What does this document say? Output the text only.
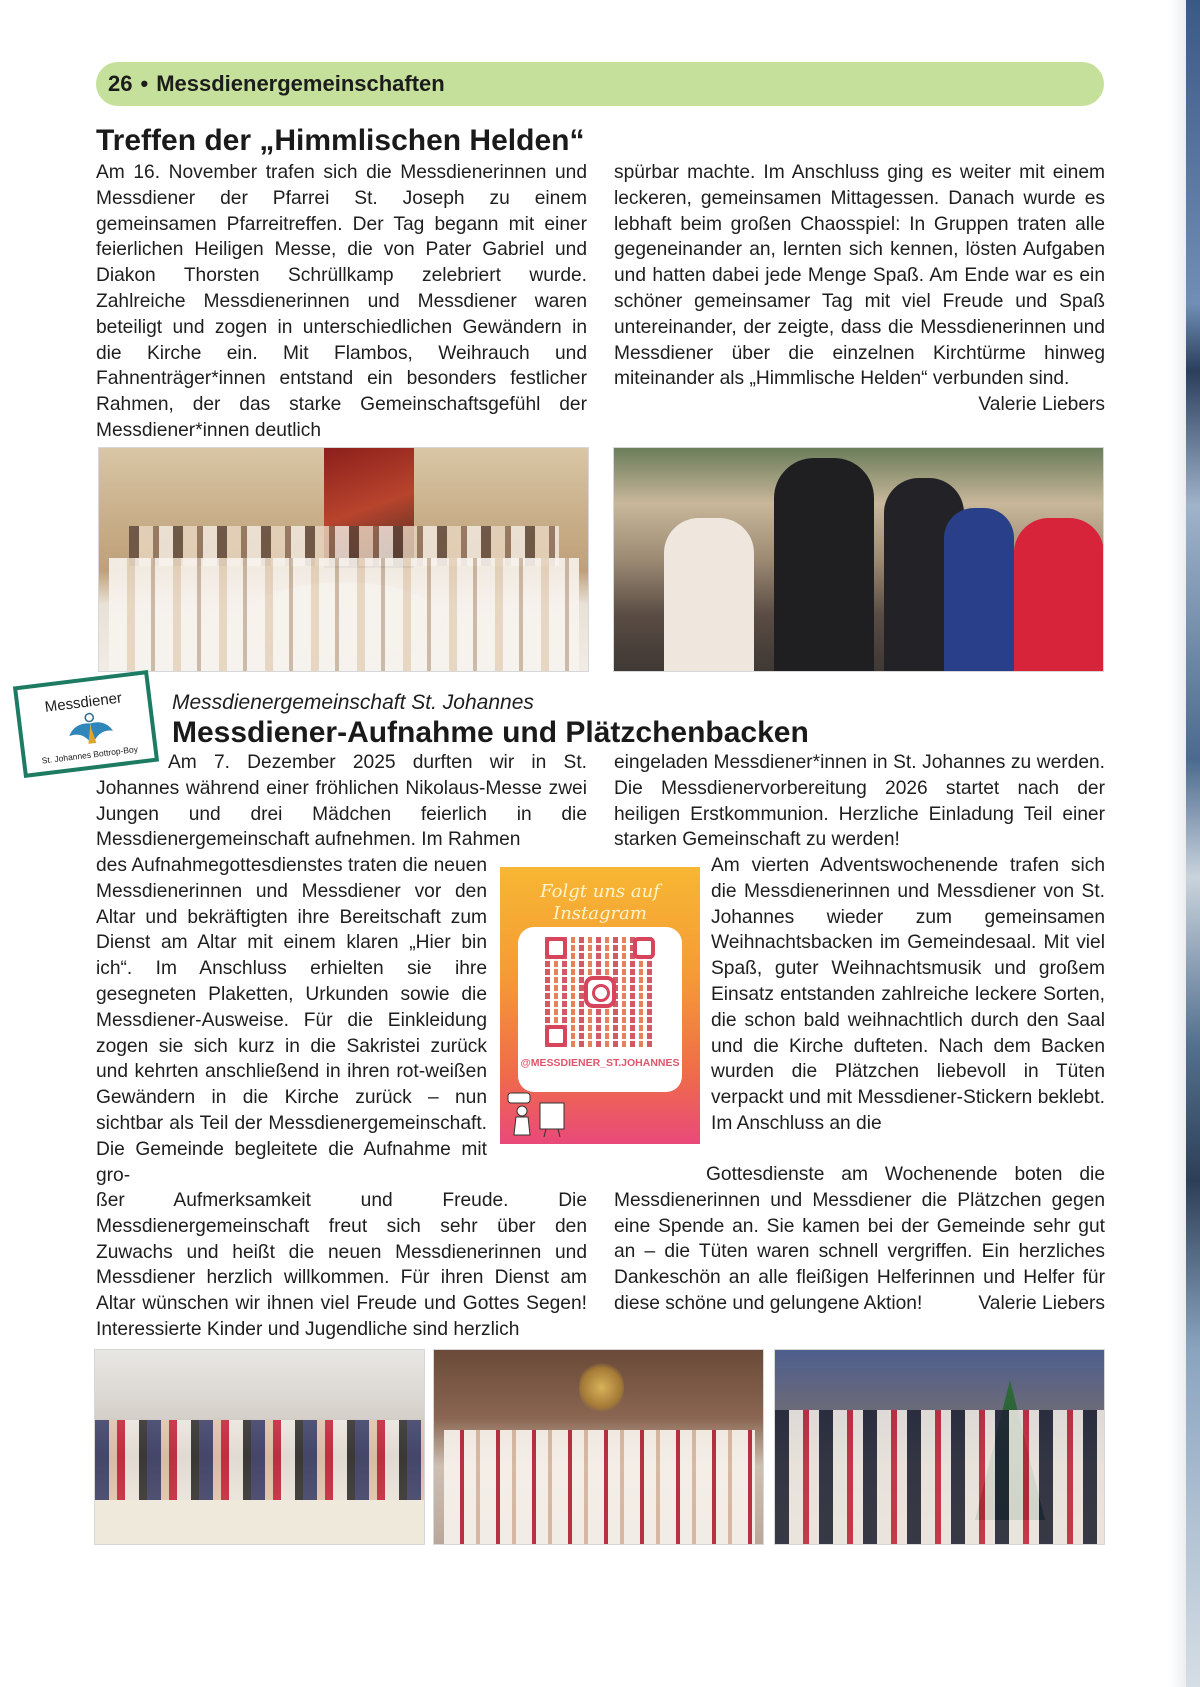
26 • Messdienergemeinschaften
Treffen der „Himmlischen Helden“

Am 16. November trafen sich die Messdienerinnen und Messdiener der Pfarrei St. Joseph zu einem gemeinsamen Pfarreitreffen. Der Tag begann mit einer feierlichen Heiligen Messe, die von Pater Gabriel und Diakon Thorsten Schrüllkamp zelebriert wurde. Zahlreiche Messdienerinnen und Messdiener waren beteiligt und zogen in unterschiedlichen Gewändern in die Kirche ein. Mit Flambos, Weihrauch und Fahnenträger*innen entstand ein besonders festlicher Rahmen, der das starke Gemeinschaftsgefühl der Messdiener*innen deutlich

spürbar machte. Im Anschluss ging es weiter mit einem leckeren, gemeinsamen Mittagessen. Danach wurde es lebhaft beim großen Chaosspiel: In Gruppen traten alle gegeneinander an, lernten sich kennen, lösten Aufgaben und hatten dabei jede Menge Spaß. Am Ende war es ein schöner gemeinsamer Tag mit viel Freude und Spaß untereinander, der zeigte, dass die Messdienerinnen und Messdiener über die einzelnen Kirchtürme hinweg miteinander als „Himmlische Helden“ verbunden sind.

Valerie Liebers

Messdiener
St. Johannes Bottrop-Boy

Messdienergemeinschaft St. Johannes

Messdiener-Aufnahme und Plätzchenbacken

Am 7. Dezember 2025 durften wir in St. Johannes während einer fröhlichen Nikolaus-Messe zwei Jungen und drei Mädchen feierlich in die Messdienergemeinschaft aufnehmen. Im Rahmen

des Aufnahmegottesdienstes traten die neuen Messdienerinnen und Messdiener vor den Altar und bekräftigten ihre Bereitschaft zum Dienst am Altar mit einem klaren „Hier bin ich“. Im Anschluss erhielten sie ihre gesegneten Plaketten, Urkunden sowie die Messdiener-Ausweise. Für die Einkleidung zogen sie sich kurz in die Sakristei zurück und kehrten anschließend in ihren rot-weißen Gewändern in die Kirche zurück – nun sichtbar als Teil der Messdienergemeinschaft. Die Gemeinde begleitete die Aufnahme mit gro-

ßer Aufmerksamkeit und Freude. Die Messdienergemeinschaft freut sich sehr über den Zuwachs und heißt die neuen Messdienerinnen und Messdiener herzlich willkommen. Für ihren Dienst am Altar wünschen wir ihnen viel Freude und Gottes Segen! Interessierte Kinder und Jugendliche sind herzlich

eingeladen Messdiener*innen in St. Johannes zu werden. Die Messdienervorbereitung 2026 startet nach der heiligen Erstkommunion. Herzliche Einladung Teil einer starken Gemeinschaft zu werden!

Am vierten Adventswochenende trafen sich die Messdienerinnen und Messdiener von St. Johannes wieder zum gemeinsamen Weihnachtsbacken im Gemeindesaal. Mit viel Spaß, guter Weihnachtsmusik und großem Einsatz entstanden zahlreiche leckere Sorten, die schon bald weihnachtlich durch den Saal und die Kirche dufteten. Nach dem Backen wurden die Plätzchen liebevoll in Tüten verpackt und mit Messdiener-Stickern beklebt. Im Anschluss an die

Gottesdienste am Wochenende boten die Messdienerinnen und Messdiener die Plätzchen gegen eine Spende an. Sie kamen bei der Gemeinde sehr gut an – die Tüten waren schnell vergriffen. Ein herzliches Dankeschön an alle fleißigen Helferinnen und Helfer für diese schöne und gelungene Aktion!	Valerie Liebers

Folgt uns auf
Instagram
@MESSDIENER_ST.JOHANNES
